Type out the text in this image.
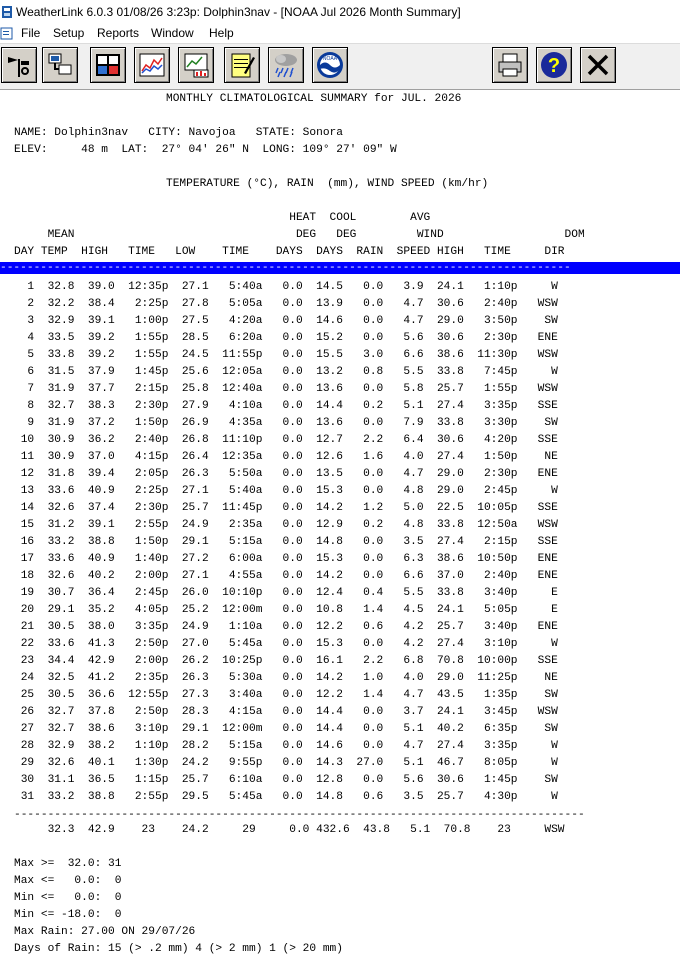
WeatherLink 6.0.3 01/08/26 3:23p: Dolphin3nav - [NOAA Jul 2026 Month Summary]
File Setup Reports Window Help
NOAA	?
MONTHLY CLIMATOLOGICAL SUMMARY for JUL. 2026
NAME: Dolphin3nav   CITY: Navojoa   STATE: Sonora
ELEV:     48 m  LAT:  27° 04' 26" N  LONG: 109° 27' 09" W
TEMPERATURE (°C), RAIN  (mm), WIND SPEED (km/hr)
HEAT  COOL        AVG
MEAN                                 DEG   DEG         WIND                  DOM
DAY TEMP  HIGH   TIME   LOW    TIME    DAYS  DAYS  RAIN  SPEED HIGH   TIME     DIR
-------------------------------------------------------------------------------------
1  32.8  39.0  12:35p  27.1   5:40a   0.0  14.5   0.0   3.9  24.1   1:10p     W
2  32.2  38.4   2:25p  27.8   5:05a   0.0  13.9   0.0   4.7  30.6   2:40p   WSW
3  32.9  39.1   1:00p  27.5   4:20a   0.0  14.6   0.0   4.7  29.0   3:50p    SW
4  33.5  39.2   1:55p  28.5   6:20a   0.0  15.2   0.0   5.6  30.6   2:30p   ENE
5  33.8  39.2   1:55p  24.5  11:55p   0.0  15.5   3.0   6.6  38.6  11:30p   WSW
6  31.5  37.9   1:45p  25.6  12:05a   0.0  13.2   0.8   5.5  33.8   7:45p     W
7  31.9  37.7   2:15p  25.8  12:40a   0.0  13.6   0.0   5.8  25.7   1:55p   WSW
8  32.7  38.3   2:30p  27.9   4:10a   0.0  14.4   0.2   5.1  27.4   3:35p   SSE
9  31.9  37.2   1:50p  26.9   4:35a   0.0  13.6   0.0   7.9  33.8   3:30p    SW
10  30.9  36.2   2:40p  26.8  11:10p   0.0  12.7   2.2   6.4  30.6   4:20p   SSE
11  30.9  37.0   4:15p  26.4  12:35a   0.0  12.6   1.6   4.0  27.4   1:50p    NE
12  31.8  39.4   2:05p  26.3   5:50a   0.0  13.5   0.0   4.7  29.0   2:30p   ENE
13  33.6  40.9   2:25p  27.1   5:40a   0.0  15.3   0.0   4.8  29.0   2:45p     W
14  32.6  37.4   2:30p  25.7  11:45p   0.0  14.2   1.2   5.0  22.5  10:05p   SSE
15  31.2  39.1   2:55p  24.9   2:35a   0.0  12.9   0.2   4.8  33.8  12:50a   WSW
16  33.2  38.8   1:50p  29.1   5:15a   0.0  14.8   0.0   3.5  27.4   2:15p   SSE
17  33.6  40.9   1:40p  27.2   6:00a   0.0  15.3   0.0   6.3  38.6  10:50p   ENE
18  32.6  40.2   2:00p  27.1   4:55a   0.0  14.2   0.0   6.6  37.0   2:40p   ENE
19  30.7  36.4   2:45p  26.0  10:10p   0.0  12.4   0.4   5.5  33.8   3:40p     E
20  29.1  35.2   4:05p  25.2  12:00m   0.0  10.8   1.4   4.5  24.1   5:05p     E
21  30.5  38.0   3:35p  24.9   1:10a   0.0  12.2   0.6   4.2  25.7   3:40p   ENE
22  33.6  41.3   2:50p  27.0   5:45a   0.0  15.3   0.0   4.2  27.4   3:10p     W
23  34.4  42.9   2:00p  26.2  10:25p   0.0  16.1   2.2   6.8  70.8  10:00p   SSE
24  32.5  41.2   2:35p  26.3   5:30a   0.0  14.2   1.0   4.0  29.0  11:25p    NE
25  30.5  36.6  12:55p  27.3   3:40a   0.0  12.2   1.4   4.7  43.5   1:35p    SW
26  32.7  37.8   2:50p  28.3   4:15a   0.0  14.4   0.0   3.7  24.1   3:45p   WSW
27  32.7  38.6   3:10p  29.1  12:00m   0.0  14.4   0.0   5.1  40.2   6:35p    SW
28  32.9  38.2   1:10p  28.2   5:15a   0.0  14.6   0.0   4.7  27.4   3:35p     W
29  32.6  40.1   1:30p  24.2   9:55p   0.0  14.3  27.0   5.1  46.7   8:05p     W
30  31.1  36.5   1:15p  25.7   6:10a   0.0  12.8   0.0   5.6  30.6   1:45p    SW
31  33.2  38.8   2:55p  29.5   5:45a   0.0  14.8   0.6   3.5  25.7   4:30p     W
-------------------------------------------------------------------------------------
32.3  42.9    23    24.2     29     0.0 432.6  43.8   5.1  70.8    23     WSW
Max >=  32.0: 31
Max <=   0.0:  0
Min <=   0.0:  0
Min <= -18.0:  0
Max Rain: 27.00 ON 29/07/26
Days of Rain: 15 (> .2 mm) 4 (> 2 mm) 1 (> 20 mm)
